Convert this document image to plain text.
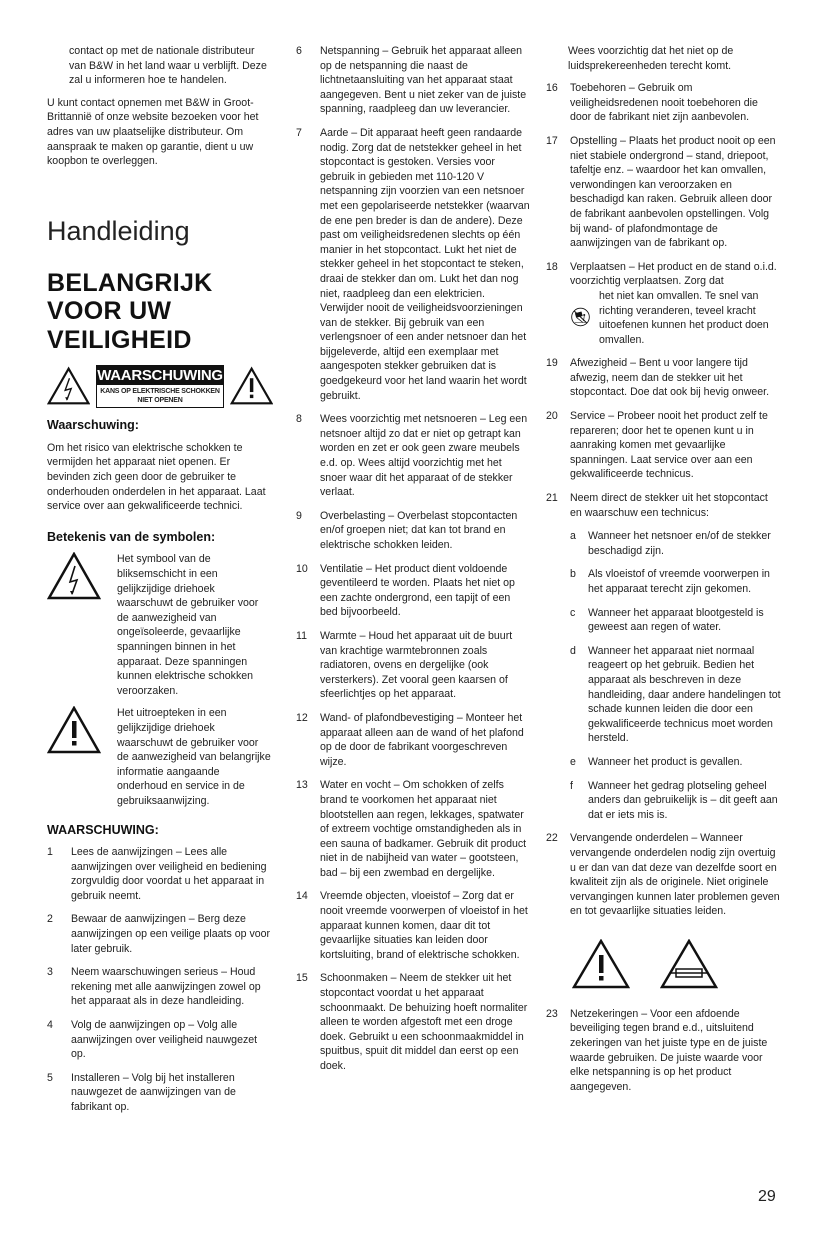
contact op met de nationale distributeur van B&W in het land waar u verblijft. Deze zal u informeren hoe te handelen.

U kunt contact opnemen met B&W in Groot-Brittanniё of onze website bezoeken voor het adres van uw plaatselijke distributeur. Om aanspraak te maken op garantie, dient u uw koopbon te overleggen.

Handleiding
BELANGRIJK VOOR UW VEILIGHEID
WAARSCHUWING
KANS OP ELEKTRISCHE SCHOKKEN NIET OPENEN
Waarschuwing:

Om het risico van elektrische schokken te vermijden het apparaat niet openen. Er bevinden zich geen door de gebruiker te onderhouden onderdelen in het apparaat. Laat service over aan gekwalificeerde technici.

Betekenis van de symbolen:
Het symbool van de bliksemschicht in een gelijkzijdige driehoek waarschuwt de gebruiker voor de aanwezigheid van ongeïsoleerde, gevaarlijke spanningen binnen in het apparaat. Deze spanningen kunnen elektrische schokken veroorzaken.
Het uitroepteken in een gelijkzijdige driehoek waarschuwt de gebruiker voor de aanwezigheid van belangrijke informatie aangaande onderhoud en service in de gebruiksaanwijzing.
WAARSCHUWING:
1	Lees de aanwijzingen – Lees alle aanwijzingen over veiligheid en bediening zorgvuldig door voordat u het apparaat in gebruik neemt.
2	Bewaar de aanwijzingen – Berg deze aanwijzingen op een veilige plaats op voor later gebruik.
3	Neem waarschuwingen serieus – Houd rekening met alle aanwijzingen zowel op het apparaat als in deze handleiding.
4	Volg de aanwijzingen op – Volg alle aanwijzingen over veiligheid nauwgezet op.
5	Installeren – Volg bij het installeren nauwgezet de aanwijzingen van de fabrikant op.
6	Netspanning – Gebruik het apparaat alleen op de netspanning die naast de lichtnetaansluiting van het apparaat staat aangegeven. Bent u niet zeker van de juiste spanning, raadpleeg dan uw leverancier.
7	Aarde – Dit apparaat heeft geen randaarde nodig. Zorg dat de netstekker geheel in het stopcontact is gestoken. Versies voor gebruik in gebieden met 110-120 V netspanning zijn voorzien van een netsnoer met een gepolariseerde netstekker (waarvan de ene pen breder is dan de andere). Deze past om veiligheidsredenen slechts op één manier in het stopcontact. Lukt het niet de stekker geheel in het stopcontact te steken, draai de stekker dan om. Lukt het dan nog niet, raadpleeg dan een elektricien. Verwijder nooit de veiligheidsvoorzieningen van de stekker. Bij gebruik van een verlengsnoer of een ander netsnoer dan het bijgeleverde, altijd een exemplaar met aangespoten stekker gebruiken dat is goedgekeurd voor het land waarin het wordt gebruikt.
8	Wees voorzichtig met netsnoeren – Leg een netsnoer altijd zo dat er niet op getrapt kan worden en zet er ook geen zware meubels e.d. op. Wees altijd voorzichtig met het snoer waar dit het apparaat of de stekker verlaat.
9	Overbelasting – Overbelast stopcontacten en/of groepen niet; dat kan tot brand en elektrische schokken leiden.
10	Ventilatie – Het product dient voldoende geventileerd te worden. Plaats het niet op een zachte ondergrond, een tapijt of een bed bijvoorbeeld.
11	Warmte – Houd het apparaat uit de buurt van krachtige warmtebronnen zoals radiatoren, ovens en dergelijke (ook versterkers). Zet vooral geen kaarsen of sfeerlichtjes op het apparaat.
12	Wand- of plafondbevestiging – Monteer het apparaat alleen aan de wand of het plafond op de door de fabrikant voorgeschreven wijze.
13	Water en vocht – Om schokken of zelfs brand te voorkomen het apparaat niet blootstellen aan regen, lekkages, spatwater of extreem vochtige omstandigheden als in een sauna of badkamer. Gebruik dit product niet in de nabijheid van water – gootsteen, bad – bij een zwembad en dergelijke.
14	Vreemde objecten, vloeistof – Zorg dat er nooit vreemde voorwerpen of vloeistof in het apparaat kunnen komen, daar dit tot gevaarlijke situaties kan leiden door kortsluiting, brand of elektrische schokken.
15	Schoonmaken – Neem de stekker uit het stopcontact voordat u het apparaat schoonmaakt. De behuizing hoeft normaliter alleen te worden afgestoft met een droge doek. Gebruikt u een schoonmaakmiddel in spuitbus, spuit dit middel dan eerst op een doek.

Wees voorzichtig dat het niet op de luidsprekereenheden terecht komt.

16	Toebehoren – Gebruik om veiligheidsredenen nooit toebehoren die door de fabrikant niet zijn aanbevolen.
17	Opstelling – Plaats het product nooit op een niet stabiele ondergrond – stand, driepoot, tafeltje enz. – waardoor het kan omvallen, verwondingen kan veroorzaken en beschadigd kan raken. Gebruik alleen door de fabrikant aanbevolen opstellingen. Volg bij wand- of plafondmontage de aanwijzingen van de fabrikant op.
18	Verplaatsen – Het product en de stand o.i.d. voorzichtig verplaatsen. Zorg dat
het niet kan omvallen. Te snel van richting veranderen, teveel kracht uitoefenen kunnen het product doen omvallen.
19	Afwezigheid – Bent u voor langere tijd afwezig, neem dan de stekker uit het stopcontact. Doe dat ook bij hevig onweer.
20	Service – Probeer nooit het product zelf te repareren; door het te openen kunt u in aanraking komen met gevaarlijke spanningen. Laat service over aan een gekwalificeerde technicus.
21	Neem direct de stekker uit het stopcontact en waarschuw een technicus:
a	Wanneer het netsnoer en/of de stekker beschadigd zijn.
b	Als vloeistof of vreemde voorwerpen in het apparaat terecht zijn gekomen.
c	Wanneer het apparaat blootgesteld is geweest aan regen of water.
d	Wanneer het apparaat niet normaal reageert op het gebruik. Bedien het apparaat als beschreven in deze handleiding, daar andere handelingen tot schade kunnen leiden die door een gekwalificeerde technicus moet worden hersteld.
e	Wanneer het product is gevallen.
f	Wanneer het gedrag plotseling geheel anders dan gebruikelijk is – dit geeft aan dat er iets mis is.
22	Vervangende onderdelen – Wanneer vervangende onderdelen nodig zijn overtuig u er dan van dat deze van dezelfde soort en kwaliteit zijn als de originele. Niet originele vervangingen kunnen later problemen geven en tot gevaarlijke situaties leiden.
23	Netzekeringen – Voor een afdoende beveiliging tegen brand e.d., uitsluitend zekeringen van het juiste type en de juiste waarde gebruiken. De juiste waarde voor elke netspanning is op het product aangegeven.
29
